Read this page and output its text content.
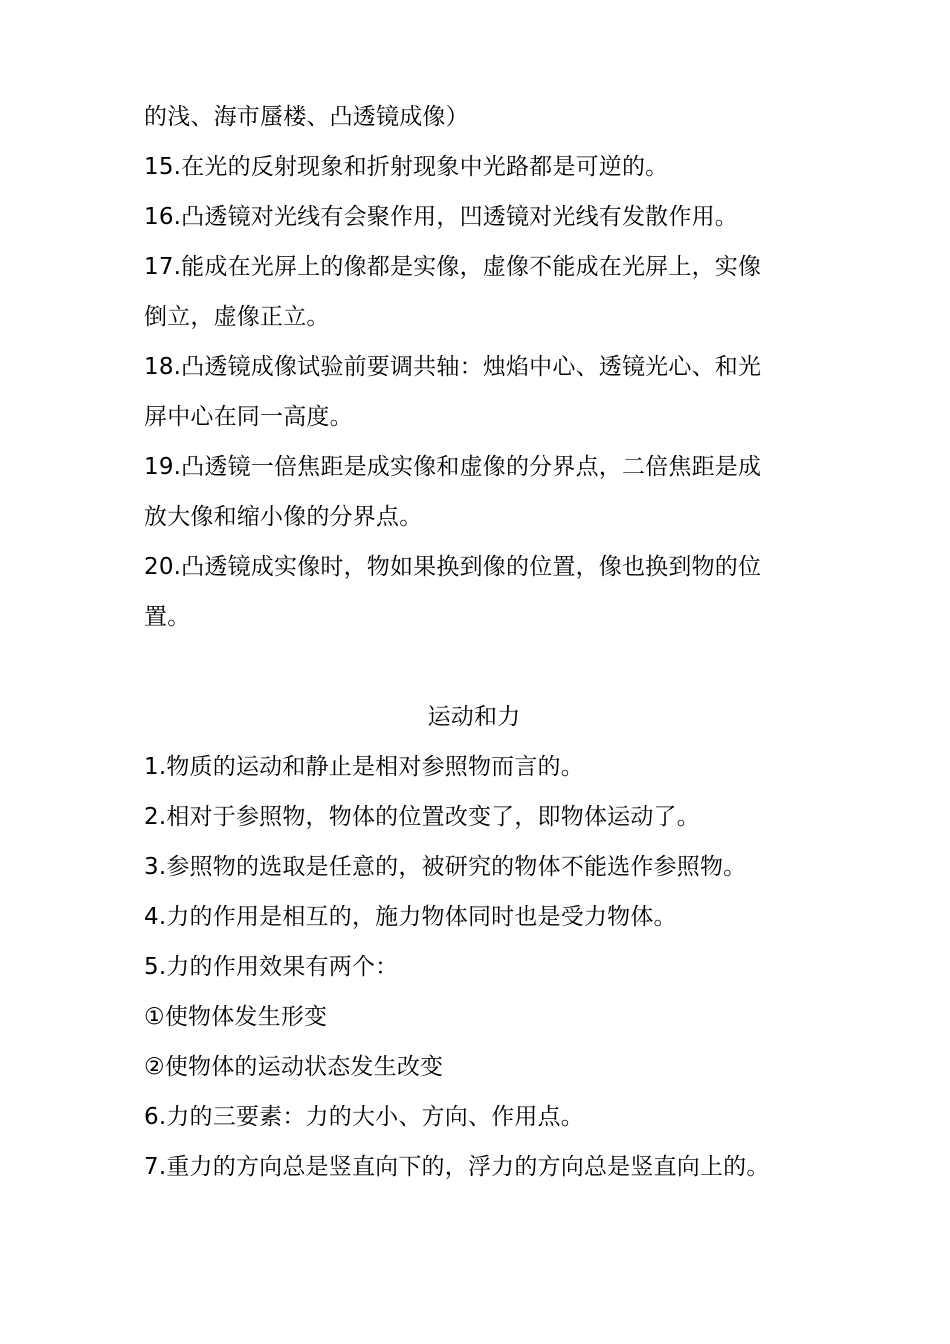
的浅、海市蜃楼、凸透镜成像）
15.在光的反射现象和折射现象中光路都是可逆的。
16.凸透镜对光线有会聚作用，凹透镜对光线有发散作用。
17.能成在光屏上的像都是实像，虚像不能成在光屏上，实像
倒立，虚像正立。
18.凸透镜成像试验前要调共轴：烛焰中心、透镜光心、和光
屏中心在同一高度。
19.凸透镜一倍焦距是成实像和虚像的分界点，二倍焦距是成
放大像和缩小像的分界点。
20.凸透镜成实像时，物如果换到像的位置，像也换到物的位
置。
运动和力
1.物质的运动和静止是相对参照物而言的。
2.相对于参照物，物体的位置改变了，即物体运动了。
3.参照物的选取是任意的，被研究的物体不能选作参照物。
4.力的作用是相互的，施力物体同时也是受力物体。
5.力的作用效果有两个：
①使物体发生形变
②使物体的运动状态发生改变
6.力的三要素：力的大小、方向、作用点。
7.重力的方向总是竖直向下的，浮力的方向总是竖直向上的。
